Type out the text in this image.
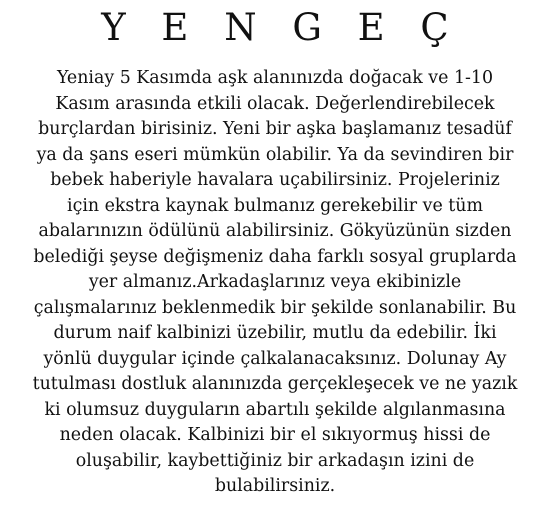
Y E N G E Ç
Yeniay 5 Kasımda aşk alanınızda doğacak ve 1-10
Kasım arasında etkili olacak. Değerlendirebilecek
burçlardan birisiniz. Yeni bir aşka başlamanız tesadüf
ya da şans eseri mümkün olabilir. Ya da sevindiren bir
bebek haberiyle havalara uçabilirsiniz. Projeleriniz
için ekstra kaynak bulmanız gerekebilir ve tüm
abalarınızın ödülünü alabilirsiniz. Gökyüzünün sizden
belediği şeyse değişmeniz daha farklı sosyal gruplarda
yer almanız.Arkadaşlarınız veya ekibinizle
çalışmalarınız beklenmedik bir şekilde sonlanabilir. Bu
durum naif kalbinizi üzebilir, mutlu da edebilir. İki
yönlü duygular içinde çalkalanacaksınız. Dolunay Ay
tutulması dostluk alanınızda gerçekleşecek ve ne yazık
ki olumsuz duyguların abartılı şekilde algılanmasına
neden olacak. Kalbinizi bir el sıkıyormuş hissi de
oluşabilir, kaybettiğiniz bir arkadaşın izini de
bulabilirsiniz.
